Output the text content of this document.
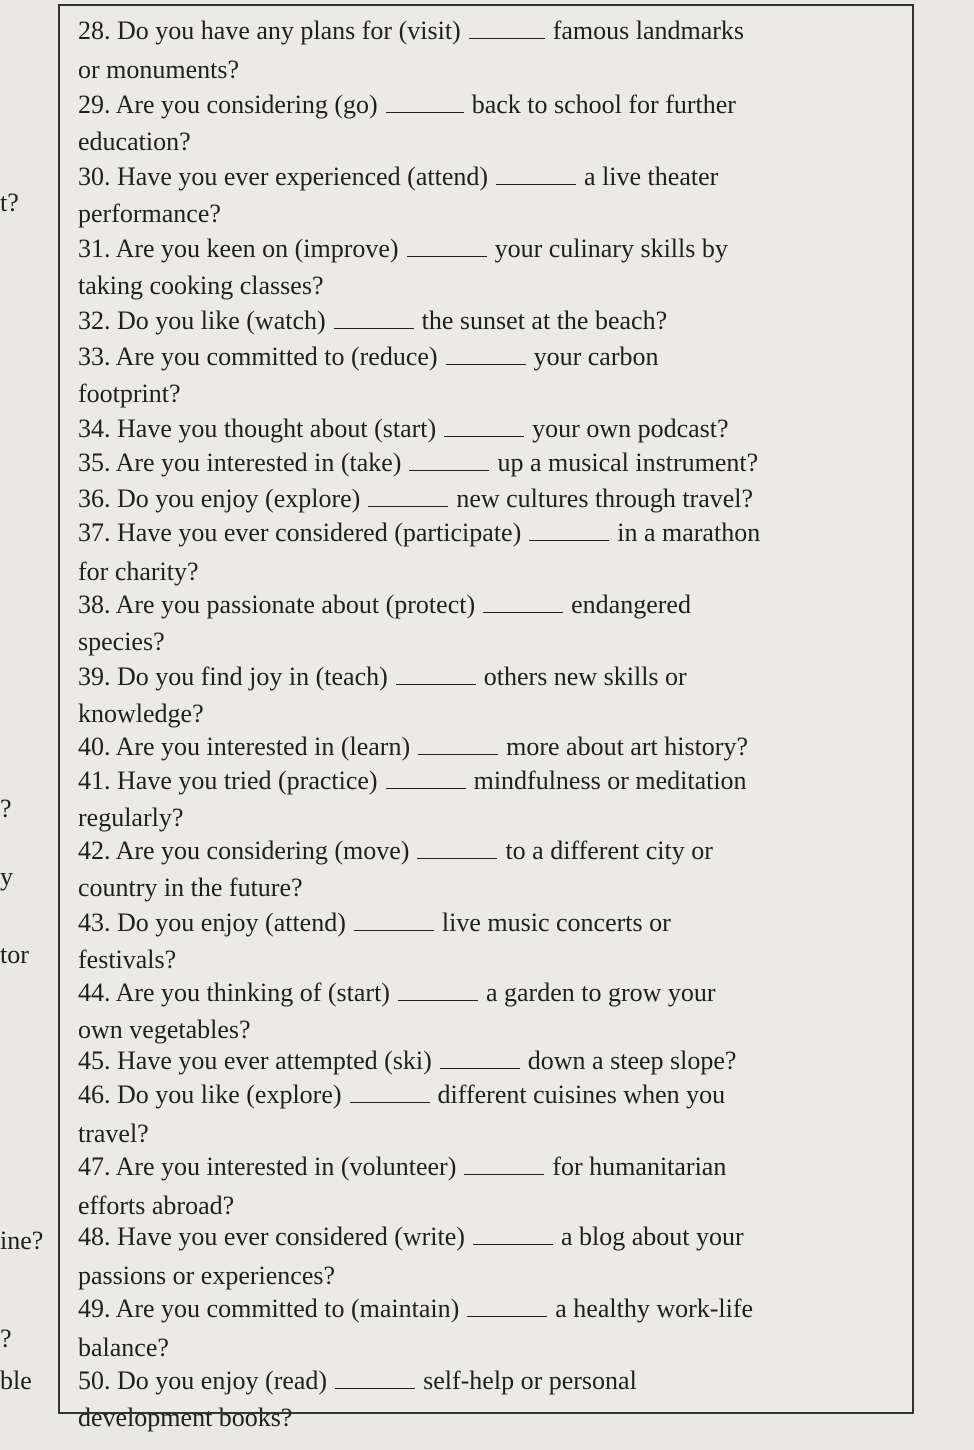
t?
?
y
tor
ine?
?
ble
28. Do you have any plans for (visit)	famous landmarks
or monuments?
29. Are you considering (go)	back to school for further
education?
30. Have you ever experienced (attend)	a live theater
performance?
31. Are you keen on (improve)	your culinary skills by
taking cooking classes?
32. Do you like (watch)	the sunset at the beach?
33. Are you committed to (reduce)	your carbon
footprint?
34. Have you thought about (start)	your own podcast?
35. Are you interested in (take)	up a musical instrument?
36. Do you enjoy (explore)	new cultures through travel?
37. Have you ever considered (participate)	in a marathon
for charity?
38. Are you passionate about (protect)	endangered
species?
39. Do you find joy in (teach)	others new skills or
knowledge?
40. Are you interested in (learn)	more about art history?
41. Have you tried (practice)	mindfulness or meditation
regularly?
42. Are you considering (move)	to a different city or
country in the future?
43. Do you enjoy (attend)	live music concerts or
festivals?
44. Are you thinking of (start)	a garden to grow your
own vegetables?
45. Have you ever attempted (ski)	down a steep slope?
46. Do you like (explore)	different cuisines when you
travel?
47. Are you interested in (volunteer)	for humanitarian
efforts abroad?
48. Have you ever considered (write)	a blog about your
passions or experiences?
49. Are you committed to (maintain)	a healthy work-life
balance?
50. Do you enjoy (read)	self-help or personal
development books?
